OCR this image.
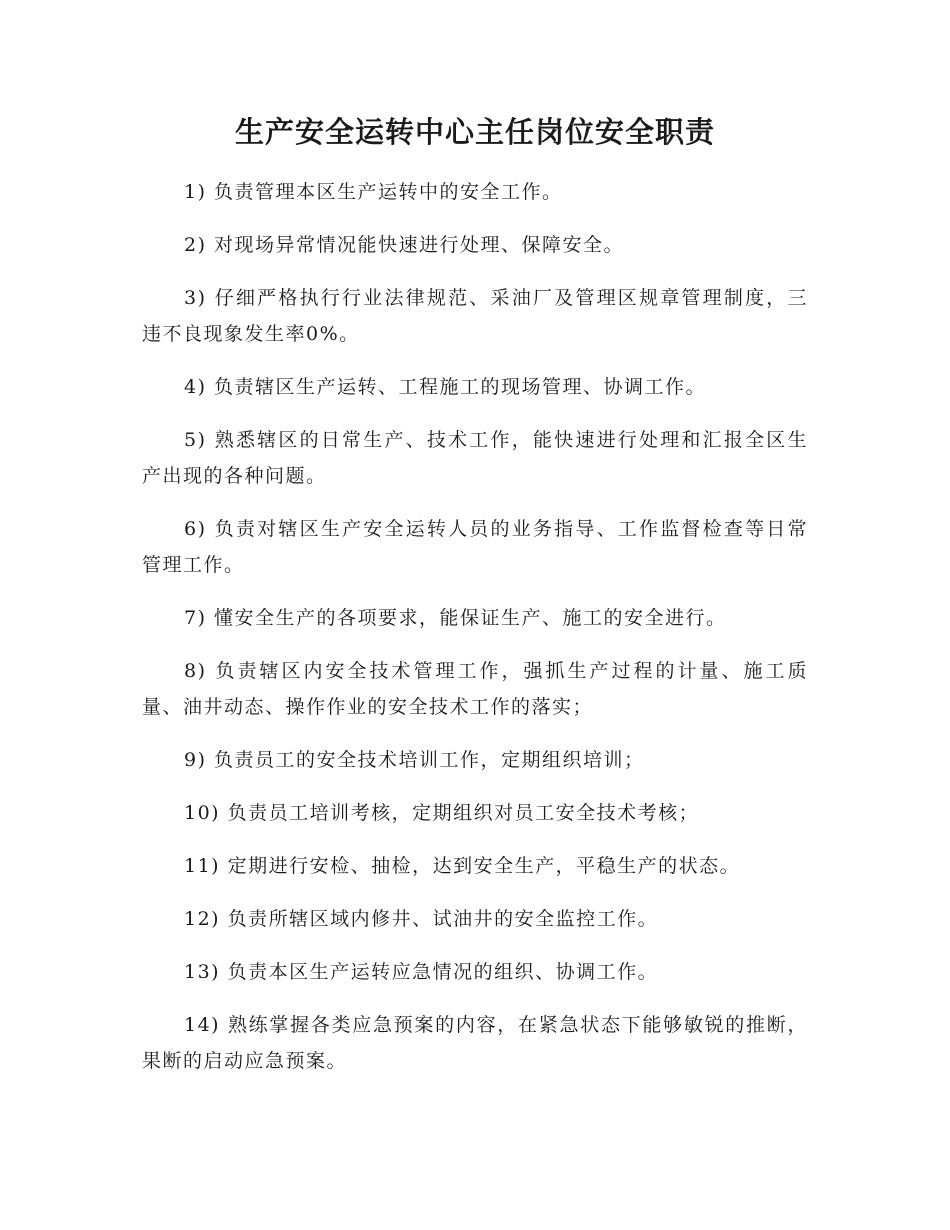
生产安全运转中心主任岗位安全职责
1) 负责管理本区生产运转中的安全工作。
2) 对现场异常情况能快速进行处理、保障安全。
3) 仔细严格执行行业法律规范、采油厂及管理区规章管理制度，三违不良现象发生率0%。
4) 负责辖区生产运转、工程施工的现场管理、协调工作。
5) 熟悉辖区的日常生产、技术工作，能快速进行处理和汇报全区生产出现的各种问题。
6) 负责对辖区生产安全运转人员的业务指导、工作监督检查等日常管理工作。
7) 懂安全生产的各项要求，能保证生产、施工的安全进行。
8) 负责辖区内安全技术管理工作，强抓生产过程的计量、施工质量、油井动态、操作作业的安全技术工作的落实；
9) 负责员工的安全技术培训工作，定期组织培训；
10) 负责员工培训考核，定期组织对员工安全技术考核；
11) 定期进行安检、抽检，达到安全生产，平稳生产的状态。
12) 负责所辖区域内修井、试油井的安全监控工作。
13) 负责本区生产运转应急情况的组织、协调工作。
14) 熟练掌握各类应急预案的内容，在紧急状态下能够敏锐的推断，果断的启动应急预案。
